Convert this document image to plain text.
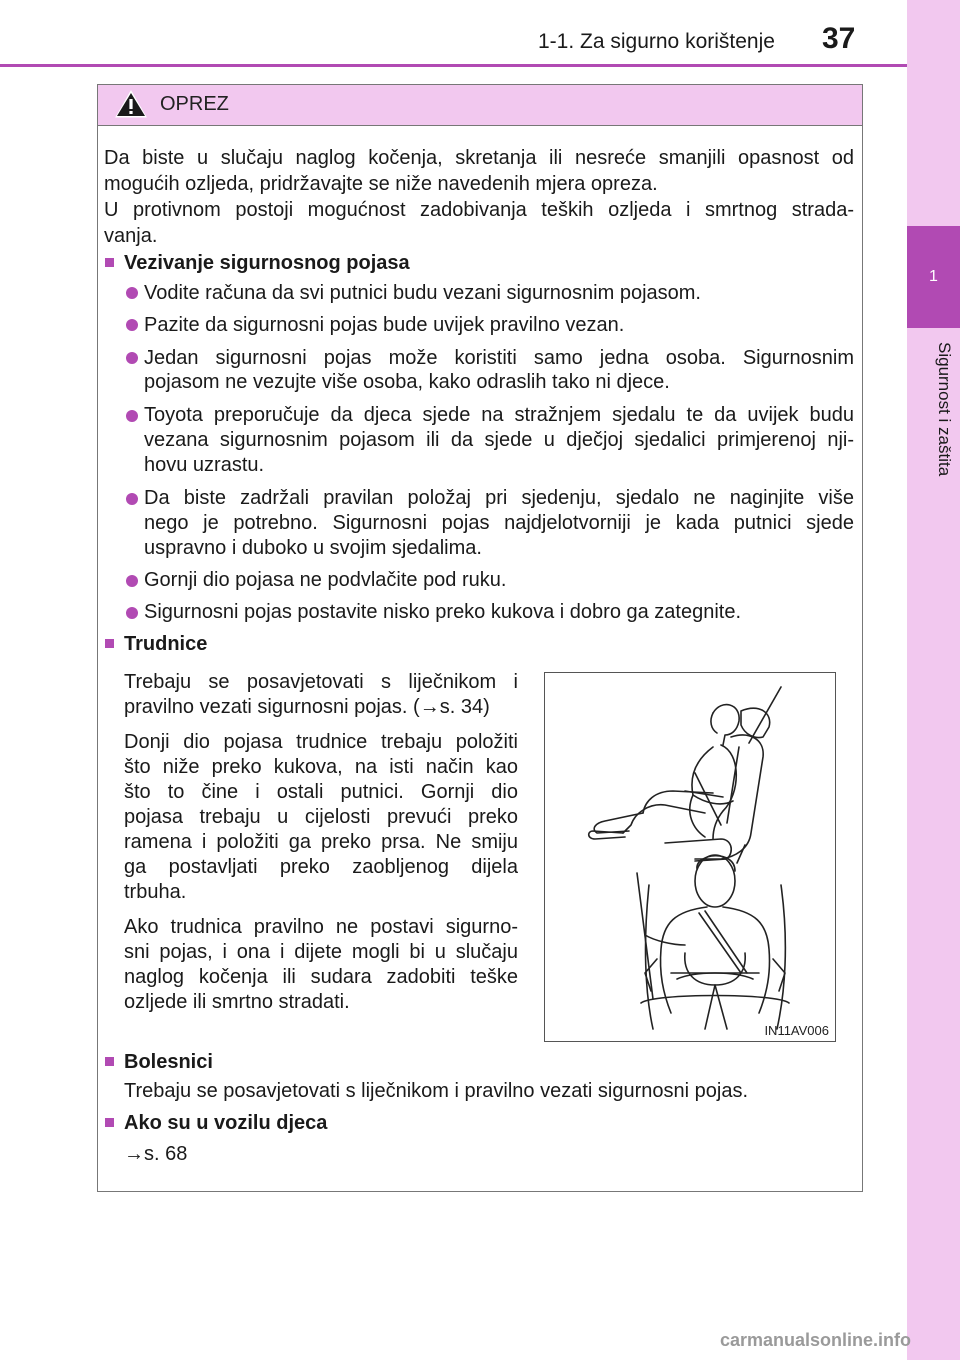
1-1. Za sigurno korištenje 37
1
Sigurnost i zaštita
OPREZ
Da biste u slučaju naglog kočenja, skretanja ili nesreće smanjili opasnost od
mogućih ozljeda, pridržavajte se niže navedenih mjera opreza.
U protivnom postoji mogućnost zadobivanja teških ozljeda i smrtnog strada-
vanja.
Vezivanje sigurnosnog pojasa
Vodite računa da svi putnici budu vezani sigurnosnim pojasom.
Pazite da sigurnosni pojas bude uvijek pravilno vezan.
Jedan sigurnosni pojas može koristiti samo jedna osoba. Sigurnosnim
pojasom ne vezujte više osoba, kako odraslih tako ni djece.
Toyota preporučuje da djeca sjede na stražnjem sjedalu te da uvijek budu
vezana sigurnosnim pojasom ili da sjede u dječjoj sjedalici primjerenoj nji-
hovu uzrastu.
Da biste zadržali pravilan položaj pri sjedenju, sjedalo ne naginjite više
nego je potrebno. Sigurnosni pojas najdjelotvorniji je kada putnici sjede
uspravno i duboko u svojim sjedalima.
Gornji dio pojasa ne podvlačite pod ruku.
Sigurnosni pojas postavite nisko preko kukova i dobro ga zategnite.
Trudnice
Trebaju se posavjetovati s liječnikom i
pravilno vezati sigurnosni pojas. (→s. 34)
Donji dio pojasa trudnice trebaju položiti
što niže preko kukova, na isti način kao
što to čine i ostali putnici. Gornji dio
pojasa trebaju u cijelosti prevući preko
ramena i položiti ga preko prsa. Ne smiju
ga postavljati preko zaobljenog dijela
trbuha.
Ako trudnica pravilno ne postavi sigurno-
sni pojas, i ona i dijete mogli bi u slučaju
naglog kočenja ili sudara zadobiti teške
ozljede ili smrtno stradati.
IN11AV006
Bolesnici
Trebaju se posavjetovati s liječnikom i pravilno vezati sigurnosni pojas.
Ako su u vozilu djeca
→s. 68
carmanualsonline.info
